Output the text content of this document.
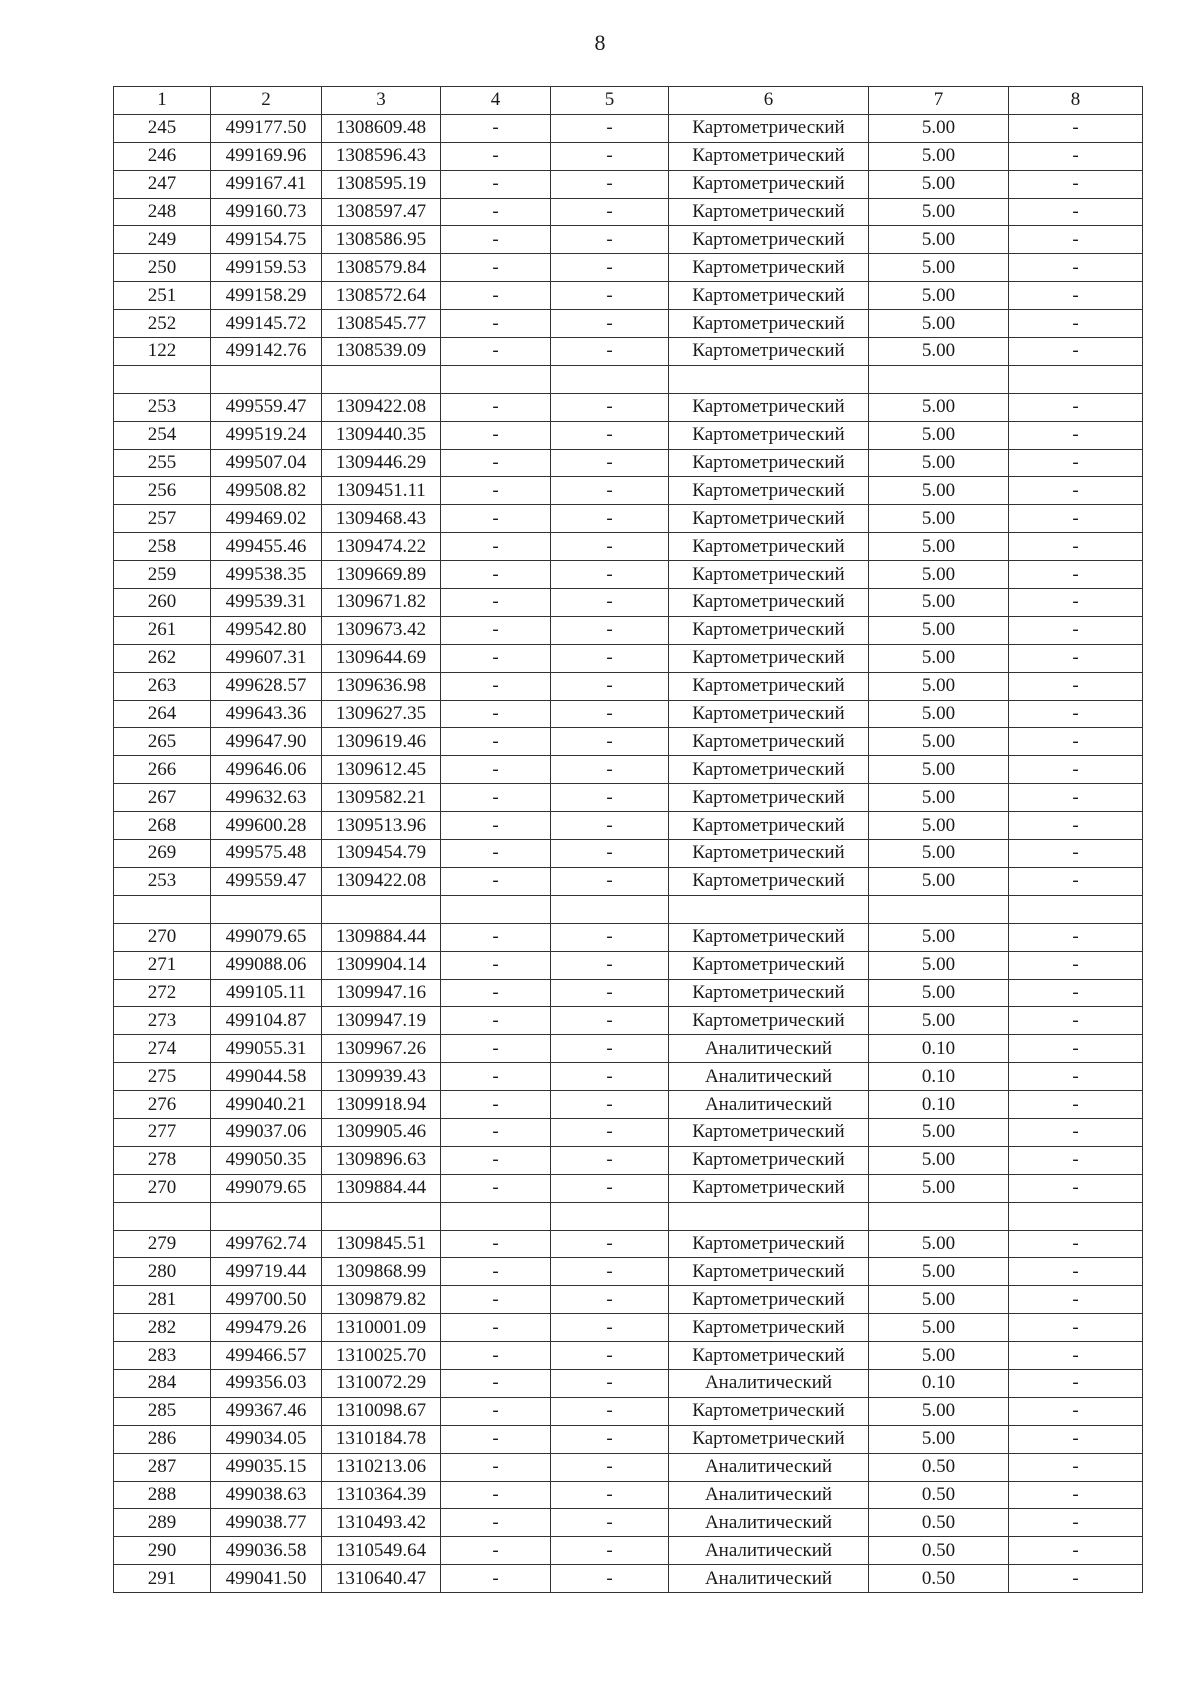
8
1	2	3	4	5	6	7	8
245	499177.50	1308609.48	-	-	Картометрический	5.00	-
246	499169.96	1308596.43	-	-	Картометрический	5.00	-
247	499167.41	1308595.19	-	-	Картометрический	5.00	-
248	499160.73	1308597.47	-	-	Картометрический	5.00	-
249	499154.75	1308586.95	-	-	Картометрический	5.00	-
250	499159.53	1308579.84	-	-	Картометрический	5.00	-
251	499158.29	1308572.64	-	-	Картометрический	5.00	-
252	499145.72	1308545.77	-	-	Картометрический	5.00	-
122	499142.76	1308539.09	-	-	Картометрический	5.00	-

253	499559.47	1309422.08	-	-	Картометрический	5.00	-
254	499519.24	1309440.35	-	-	Картометрический	5.00	-
255	499507.04	1309446.29	-	-	Картометрический	5.00	-
256	499508.82	1309451.11	-	-	Картометрический	5.00	-
257	499469.02	1309468.43	-	-	Картометрический	5.00	-
258	499455.46	1309474.22	-	-	Картометрический	5.00	-
259	499538.35	1309669.89	-	-	Картометрический	5.00	-
260	499539.31	1309671.82	-	-	Картометрический	5.00	-
261	499542.80	1309673.42	-	-	Картометрический	5.00	-
262	499607.31	1309644.69	-	-	Картометрический	5.00	-
263	499628.57	1309636.98	-	-	Картометрический	5.00	-
264	499643.36	1309627.35	-	-	Картометрический	5.00	-
265	499647.90	1309619.46	-	-	Картометрический	5.00	-
266	499646.06	1309612.45	-	-	Картометрический	5.00	-
267	499632.63	1309582.21	-	-	Картометрический	5.00	-
268	499600.28	1309513.96	-	-	Картометрический	5.00	-
269	499575.48	1309454.79	-	-	Картометрический	5.00	-
253	499559.47	1309422.08	-	-	Картометрический	5.00	-

270	499079.65	1309884.44	-	-	Картометрический	5.00	-
271	499088.06	1309904.14	-	-	Картометрический	5.00	-
272	499105.11	1309947.16	-	-	Картометрический	5.00	-
273	499104.87	1309947.19	-	-	Картометрический	5.00	-
274	499055.31	1309967.26	-	-	Аналитический	0.10	-
275	499044.58	1309939.43	-	-	Аналитический	0.10	-
276	499040.21	1309918.94	-	-	Аналитический	0.10	-
277	499037.06	1309905.46	-	-	Картометрический	5.00	-
278	499050.35	1309896.63	-	-	Картометрический	5.00	-
270	499079.65	1309884.44	-	-	Картометрический	5.00	-

279	499762.74	1309845.51	-	-	Картометрический	5.00	-
280	499719.44	1309868.99	-	-	Картометрический	5.00	-
281	499700.50	1309879.82	-	-	Картометрический	5.00	-
282	499479.26	1310001.09	-	-	Картометрический	5.00	-
283	499466.57	1310025.70	-	-	Картометрический	5.00	-
284	499356.03	1310072.29	-	-	Аналитический	0.10	-
285	499367.46	1310098.67	-	-	Картометрический	5.00	-
286	499034.05	1310184.78	-	-	Картометрический	5.00	-
287	499035.15	1310213.06	-	-	Аналитический	0.50	-
288	499038.63	1310364.39	-	-	Аналитический	0.50	-
289	499038.77	1310493.42	-	-	Аналитический	0.50	-
290	499036.58	1310549.64	-	-	Аналитический	0.50	-
291	499041.50	1310640.47	-	-	Аналитический	0.50	-
